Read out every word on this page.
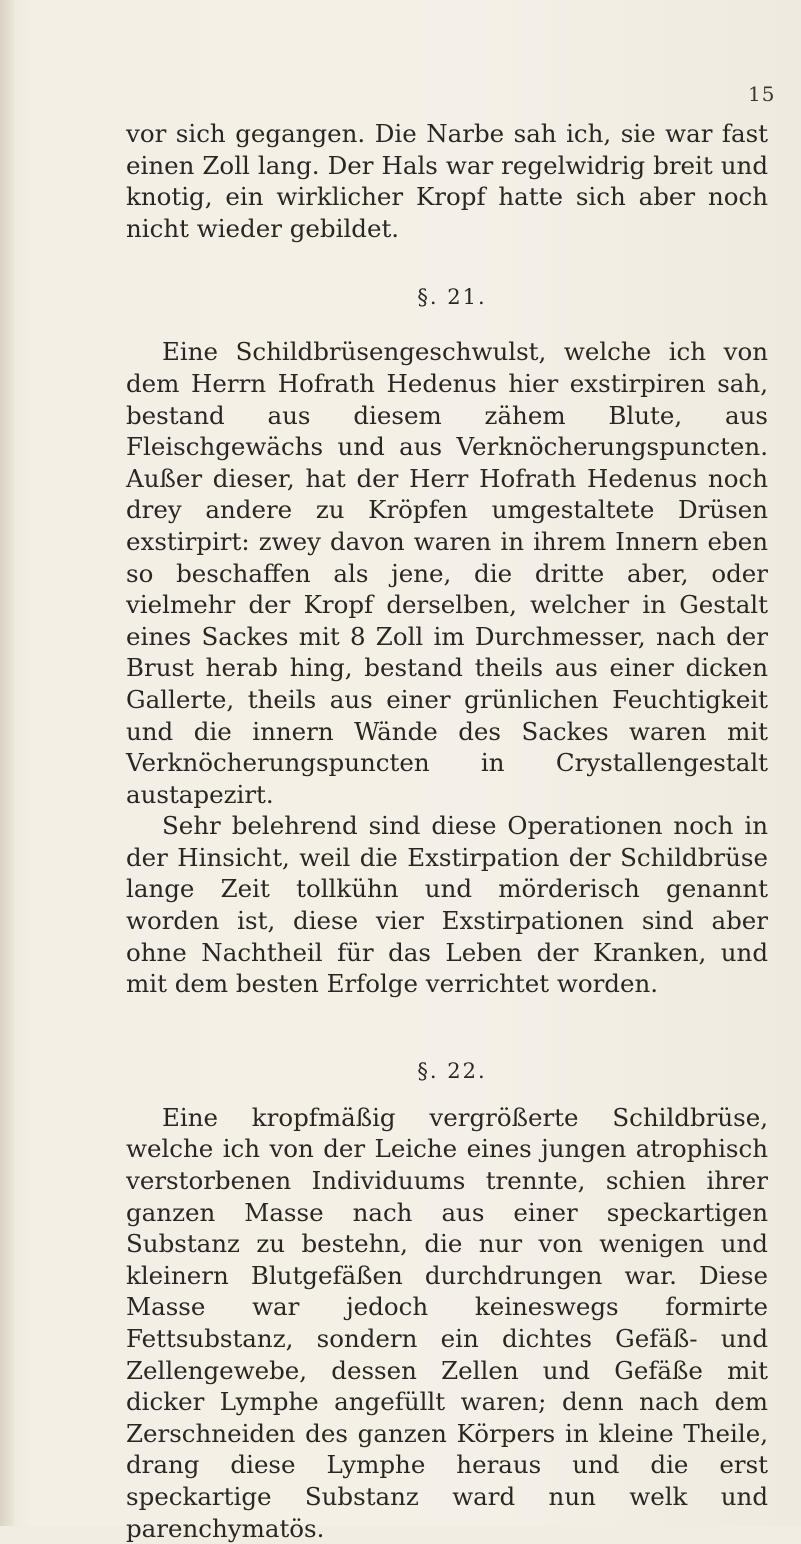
15

vor sich gegangen. Die Narbe sah ich, sie war fast einen Zoll lang. Der Hals war regelwidrig breit und knotig, ein wirklicher Kropf hatte sich aber noch nicht wieder gebildet.

§. 21.

Eine Schildbrüsengeschwulst, welche ich von dem Herrn Hofrath Hedenus hier exstirpiren sah, bestand aus diesem zähem Blute, aus Fleischgewächs und aus Verknöcherungspuncten. Außer dieser, hat der Herr Hofrath Hedenus noch drey andere zu Kröpfen umgestaltete Drüsen exstirpirt: zwey davon waren in ihrem Innern eben so beschaffen als jene, die dritte aber, oder vielmehr der Kropf derselben, welcher in Gestalt eines Sackes mit 8 Zoll im Durchmesser, nach der Brust herab hing, bestand theils aus einer dicken Gallerte, theils aus einer grünlichen Feuchtigkeit und die innern Wände des Sackes waren mit Verknöcherungspuncten in Crystallengestalt austapezirt.

Sehr belehrend sind diese Operationen noch in der Hinsicht, weil die Exstirpation der Schildbrüse lange Zeit tollkühn und mörderisch genannt worden ist, diese vier Exstirpationen sind aber ohne Nachtheil für das Leben der Kranken, und mit dem besten Erfolge verrichtet worden.

§. 22.

Eine kropfmäßig vergrößerte Schildbrüse, welche ich von der Leiche eines jungen atrophisch verstorbenen Individuums trennte, schien ihrer ganzen Masse nach aus einer speckartigen Substanz zu bestehn, die nur von wenigen und kleinern Blutgefäßen durchdrungen war. Diese Masse war jedoch keineswegs formirte Fettsubstanz, sondern ein dichtes Gefäß- und Zellengewebe, dessen Zellen und Gefäße mit dicker Lymphe angefüllt waren; denn nach dem Zerschneiden des ganzen Körpers in kleine Theile, drang diese Lymphe heraus und die erst speckartige Substanz ward nun welk und parenchymatös.
